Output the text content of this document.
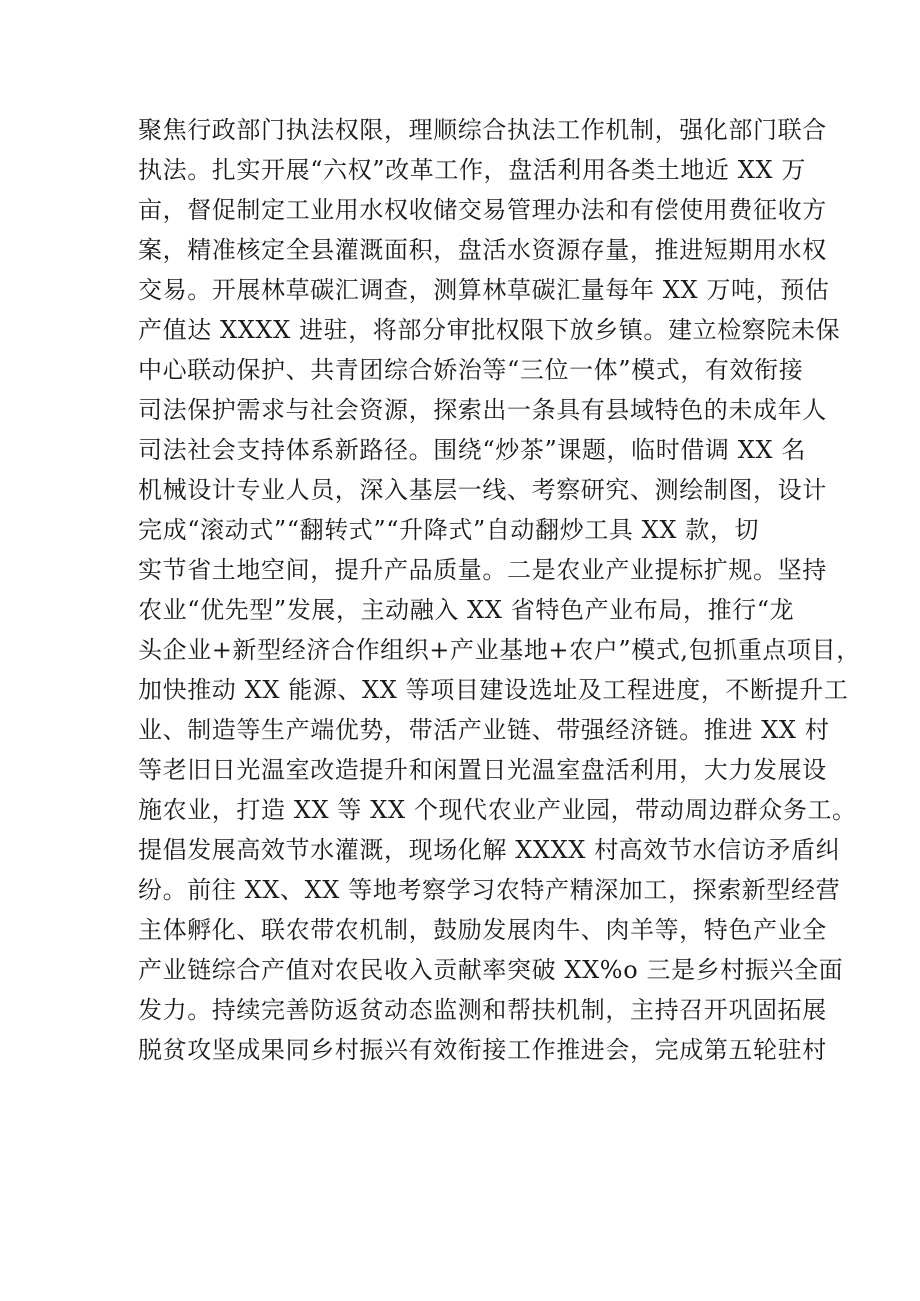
聚焦行政部门执法权限，理顺综合执法工作机制，强化部门联合
执法。扎实开展“六权”改革工作，盘活利用各类土地近 XX 万
亩，督促制定工业用水权收储交易管理办法和有偿使用费征收方
案，精准核定全县灌溉面积，盘活水资源存量，推进短期用水权
交易。开展林草碳汇调查，测算林草碳汇量每年 XX 万吨，预估
产值达 XXXX 进驻，将部分审批权限下放乡镇。建立检察院未保
中心联动保护、共青团综合娇治等“三位一体”模式，有效衔接
司法保护需求与社会资源，探索出一条具有县域特色的未成年人
司法社会支持体系新路径。围绕“炒茶”课题，临时借调 XX 名
机械设计专业人员，深入基层一线、考察研究、测绘制图，设计
完成“滚动式”“翻转式”“升降式”自动翻炒工具 XX 款，切
实节省土地空间，提升产品质量。二是农业产业提标扩规。坚持
农业“优先型”发展，主动融入 XX 省特色产业布局，推行“龙
头企业+新型经济合作组织+产业基地+农户”模式,包抓重点项目，
加快推动 XX 能源、XX 等项目建设选址及工程进度，不断提升工
业、制造等生产端优势，带活产业链、带强经济链。推进 XX 村
等老旧日光温室改造提升和闲置日光温室盘活利用，大力发展设
施农业，打造 XX 等 XX 个现代农业产业园，带动周边群众务工。
提倡发展高效节水灌溉，现场化解 XXXX 村高效节水信访矛盾纠
纷。前往 XX、XX 等地考察学习农特产精深加工，探索新型经营
主体孵化、联农带农机制，鼓励发展肉牛、肉羊等，特色产业全
产业链综合产值对农民收入贡献率突破 XX%o 三是乡村振兴全面
发力。持续完善防返贫动态监测和帮扶机制，主持召开巩固拓展
脱贫攻坚成果同乡村振兴有效衔接工作推进会，完成第五轮驻村
